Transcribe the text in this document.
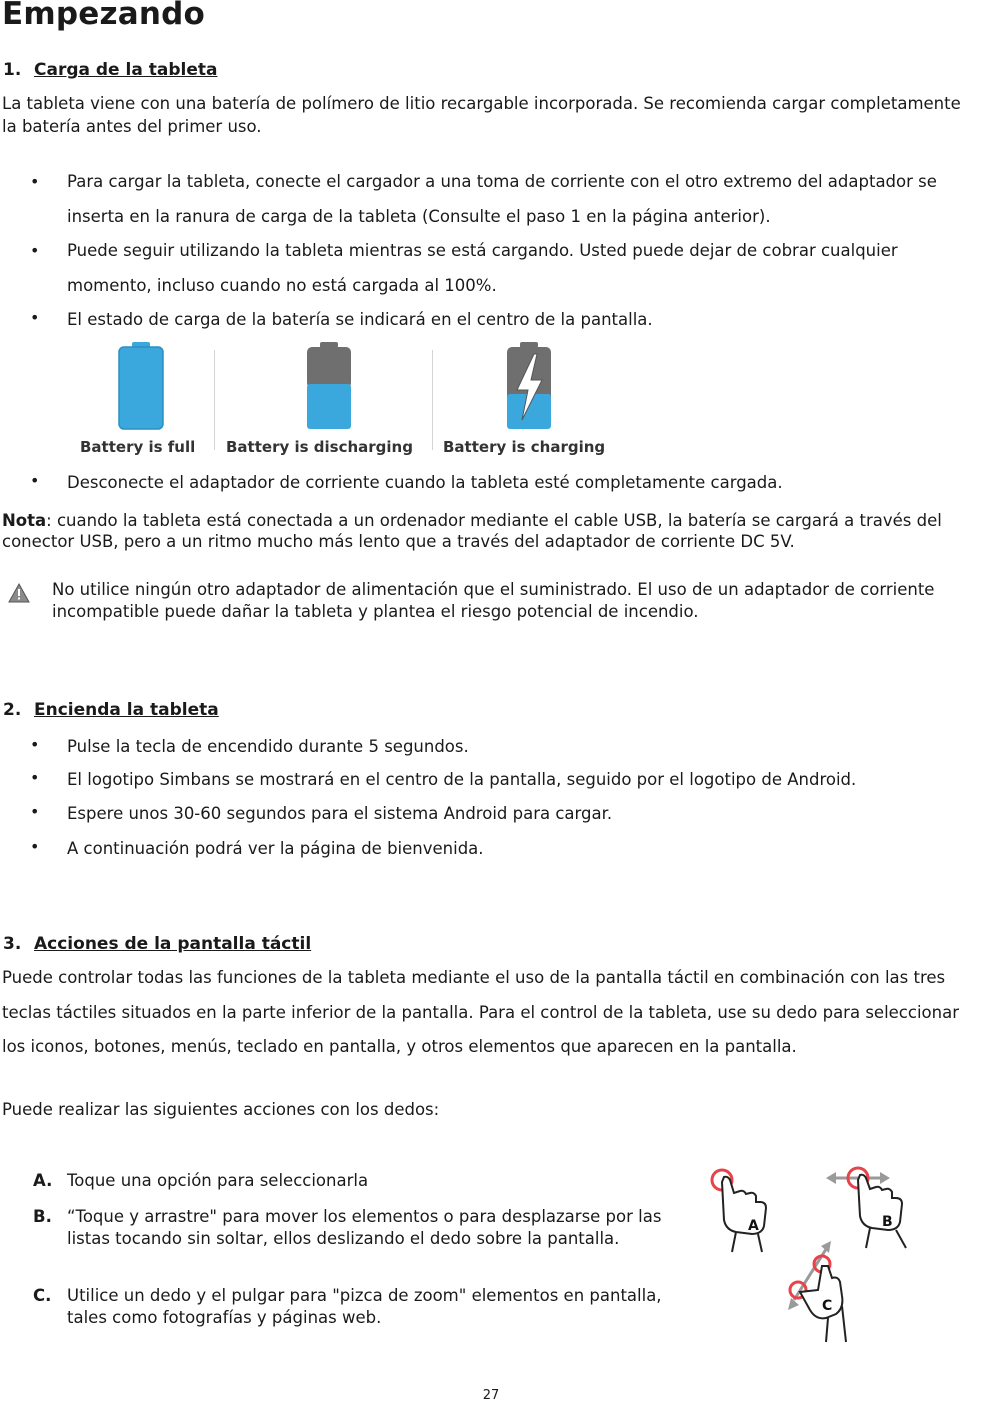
Empezando
1. Carga de la tableta

La tableta viene con una batería de polímero de litio recargable incorporada. Se recomienda cargar completamente la batería antes del primer uso.

• Para cargar la tableta, conecte el cargador a una toma de corriente con el otro extremo del adaptador se inserta en la ranura de carga de la tableta (Consulte el paso 1 en la página anterior).
• Puede seguir utilizando la tableta mientras se está cargando. Usted puede dejar de cobrar cualquier momento, incluso cuando no está cargada al 100%.
• El estado de carga de la batería se indicará en el centro de la pantalla.
Battery is full Battery is discharging Battery is charging
• Desconecte el adaptador de corriente cuando la tableta esté completamente cargada.

Nota: cuando la tableta está conectada a un ordenador mediante el cable USB, la batería se cargará a través del conector USB, pero a un ritmo mucho más lento que a través del adaptador de corriente DC 5V.

No utilice ningún otro adaptador de alimentación que el suministrado. El uso de un adaptador de corriente incompatible puede dañar la tableta y plantea el riesgo potencial de incendio.

2. Encienda la tableta
• Pulse la tecla de encendido durante 5 segundos.
• El logotipo Simbans se mostrará en el centro de la pantalla, seguido por el logotipo de Android.
• Espere unos 30-60 segundos para el sistema Android para cargar.
• A continuación podrá ver la página de bienvenida.
3. Acciones de la pantalla táctil

Puede controlar todas las funciones de la tableta mediante el uso de la pantalla táctil en combinación con las tres teclas táctiles situados en la parte inferior de la pantalla. Para el control de la tableta, use su dedo para seleccionar los iconos, botones, menús, teclado en pantalla, y otros elementos que aparecen en la pantalla.

Puede realizar las siguientes acciones con los dedos:

A. Toque una opción para seleccionarla
B. “Toque y arrastre" para mover los elementos o para desplazarse por las listas tocando sin soltar, ellos deslizando el dedo sobre la pantalla.
C. Utilice un dedo y el pulgar para "pizca de zoom" elementos en pantalla, tales como fotografías y páginas web.
A	B
C
27
